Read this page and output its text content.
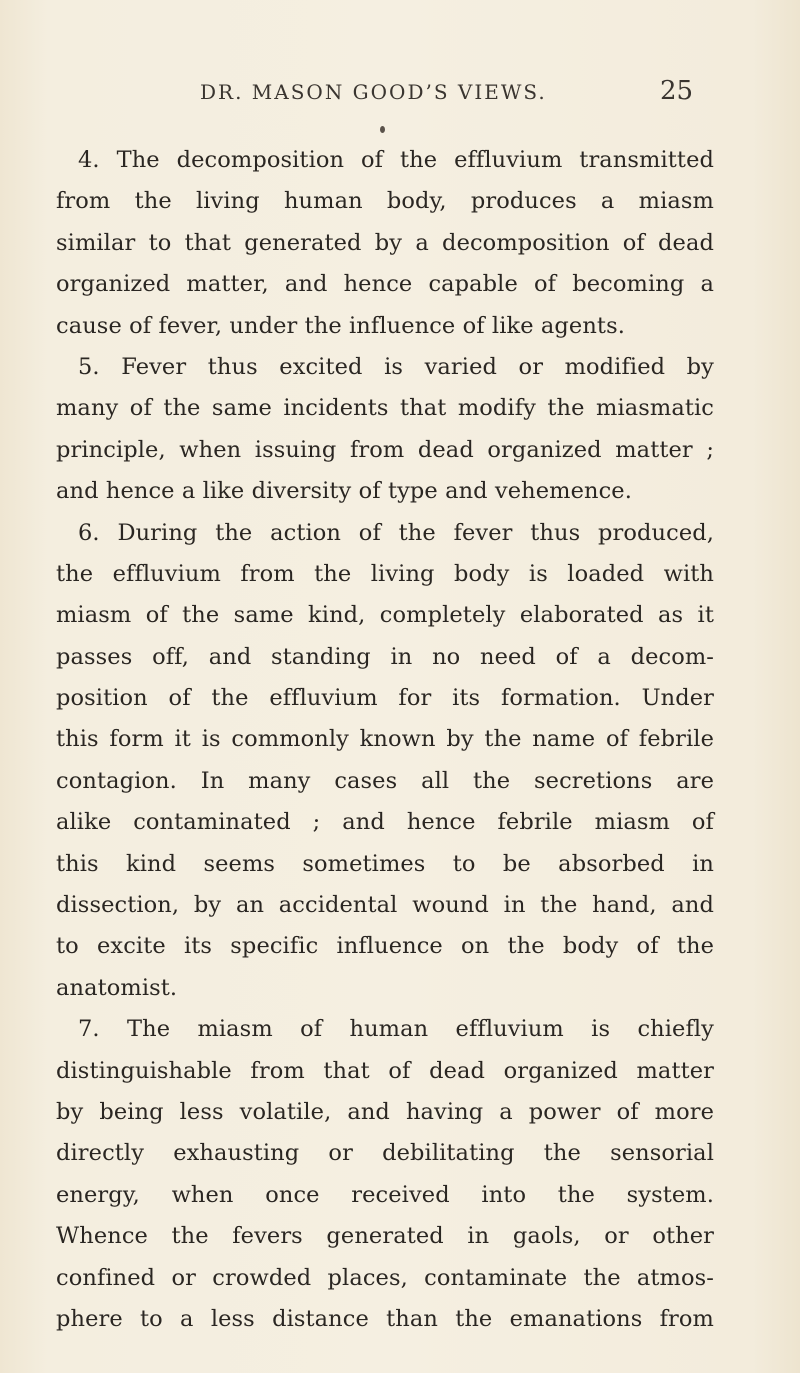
DR. MASON GOOD’S VIEWS.	25
4. The decomposition of the effluvium transmitted
from the living human body, produces a miasm
similar to that generated by a decomposition of dead
organized matter, and hence capable of becoming a
cause of fever, under the influence of like agents.
5. Fever thus excited is varied or modified by
many of the same incidents that modify the miasmatic
principle, when issuing from dead organized matter ;
and hence a like diversity of type and vehemence.
6. During the action of the fever thus produced,
the effluvium from the living body is loaded with
miasm of the same kind, completely elaborated as it
passes off, and standing in no need of a decom-
position of the effluvium for its formation. Under
this form it is commonly known by the name of febrile
contagion. In many cases all the secretions are
alike contaminated ; and hence febrile miasm of
this kind seems sometimes to be absorbed in
dissection, by an accidental wound in the hand, and
to excite its specific influence on the body of the
anatomist.
7. The miasm of human effluvium is chiefly
distinguishable from that of dead organized matter
by being less volatile, and having a power of more
directly exhausting or debilitating the sensorial
energy, when once received into the system.
Whence the fevers generated in gaols, or other
confined or crowded places, contaminate the atmos-
phere to a less distance than the emanations from
